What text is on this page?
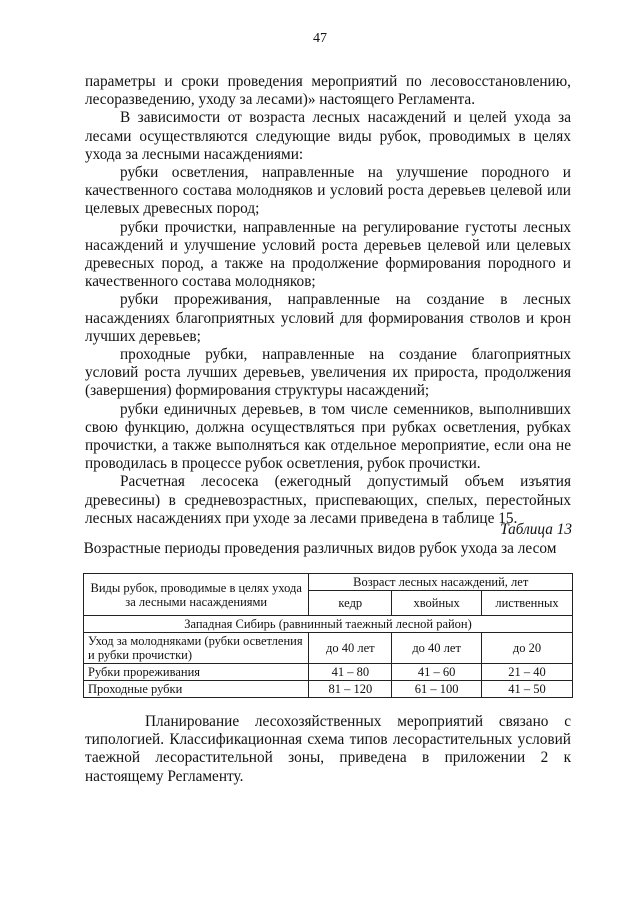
47

параметры и сроки проведения мероприятий по лесовосстановлению, лесоразведению, уходу за лесами)» настоящего Регламента.

В зависимости от возраста лесных насаждений и целей ухода за лесами осуществляются следующие виды рубок, проводимых в целях ухода за лесными насаждениями:

рубки осветления, направленные на улучшение породного и качественного состава молодняков и условий роста деревьев целевой или целевых древесных пород;

рубки прочистки, направленные на регулирование густоты лесных насаждений и улучшение условий роста деревьев целевой или целевых древесных пород, а также на продолжение формирования породного и качественного состава молодняков;

рубки прореживания, направленные на создание в лесных насаждениях благоприятных условий для формирования стволов и крон лучших деревьев;

проходные рубки, направленные на создание благоприятных условий роста лучших деревьев, увеличения их прироста, продолжения (завершения) формирования структуры насаждений;

рубки единичных деревьев, в том числе семенников, выполнивших свою функцию, должна осуществляться при рубках осветления, рубках прочистки, а также выполняться как отдельное мероприятие, если она не проводилась в процессе рубок осветления, рубок прочистки.

Расчетная лесосека (ежегодный допустимый объем изъятия древесины) в средневозрастных, приспевающих, спелых, перестойных лесных насаждениях при уходе за лесами приведена в таблице 15.

Таблица 13
Возрастные периоды проведения различных видов рубок ухода за лесом
Виды рубок, проводимые в целях ухода за лесными насаждениями	Возраст лесных насаждений, лет		
	кедр	хвойных	лиственных
Западная Сибирь (равнинный таежный лесной район)			
Уход за молодняками (рубки осветления и рубки прочистки)	до 40 лет	до 40 лет	до 20
Рубки прореживания	41 – 80	41 – 60	21 – 40
Проходные рубки	81 – 120	61 – 100	41 – 50

Планирование лесохозяйственных мероприятий связано с типологией. Классификационная схема типов лесорастительных условий таежной лесорастительной зоны, приведена в приложении 2 к настоящему Регламенту.
